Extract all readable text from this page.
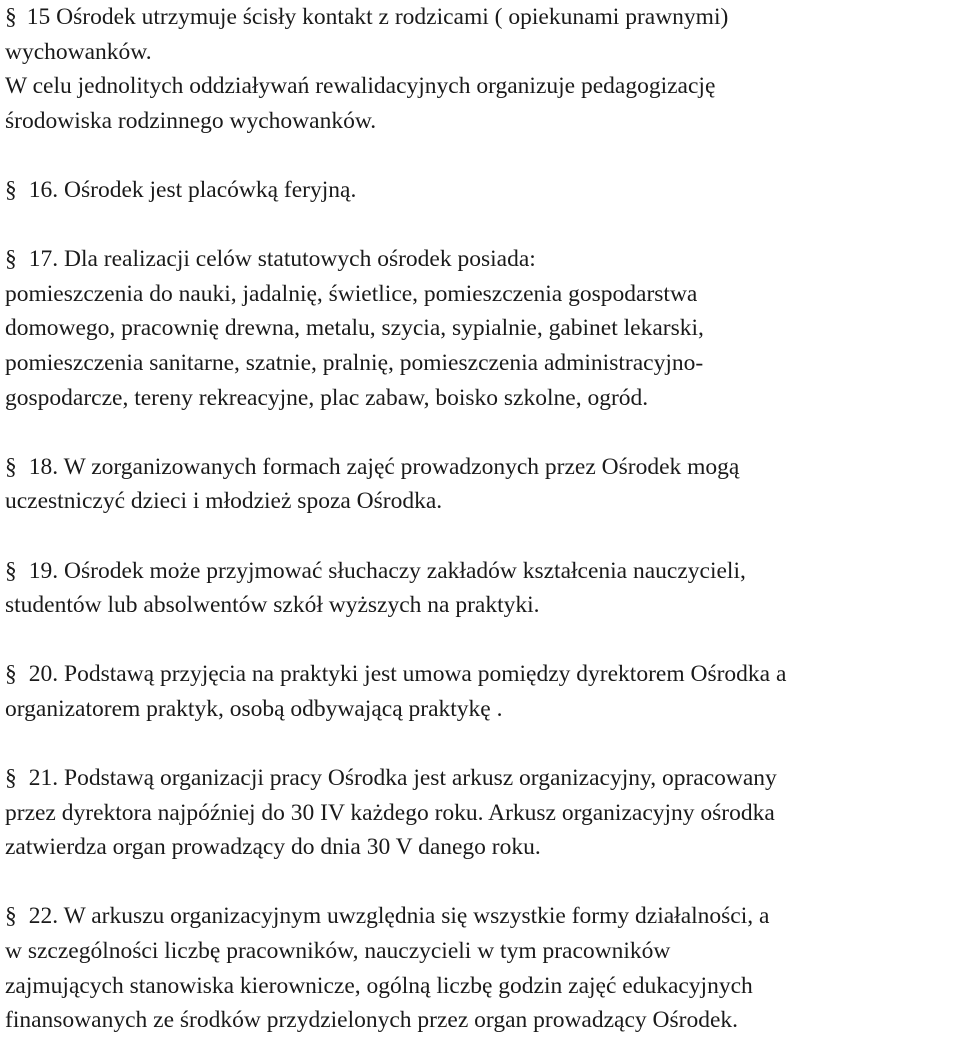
§ 15 Ośrodek utrzymuje ścisły kontakt z rodzicami ( opiekunami prawnymi)
wychowanków.
W celu jednolitych oddziaływań rewalidacyjnych organizuje pedagogizację
środowiska rodzinnego wychowanków.
§ 16. Ośrodek jest placówką feryjną.
§ 17. Dla realizacji celów statutowych ośrodek posiada:
pomieszczenia do nauki, jadalnię, świetlice, pomieszczenia gospodarstwa
domowego, pracownię drewna, metalu, szycia, sypialnie, gabinet lekarski,
pomieszczenia sanitarne, szatnie, pralnię, pomieszczenia administracyjno-
gospodarcze, tereny rekreacyjne, plac zabaw, boisko szkolne, ogród.
§ 18. W zorganizowanych formach zajęć prowadzonych przez Ośrodek mogą
uczestniczyć dzieci i młodzież spoza Ośrodka.
§ 19. Ośrodek może przyjmować słuchaczy zakładów kształcenia nauczycieli,
studentów lub absolwentów szkół wyższych na praktyki.
§ 20. Podstawą przyjęcia na praktyki jest umowa pomiędzy dyrektorem Ośrodka a
organizatorem praktyk, osobą odbywającą praktykę .
§ 21. Podstawą organizacji pracy Ośrodka jest arkusz organizacyjny, opracowany
przez dyrektora najpóźniej do 30 IV każdego roku. Arkusz organizacyjny ośrodka
zatwierdza organ prowadzący do dnia 30 V danego roku.
§ 22. W arkuszu organizacyjnym uwzględnia się wszystkie formy działalności, a
w szczególności liczbę pracowników, nauczycieli w tym pracowników
zajmujących stanowiska kierownicze, ogólną liczbę godzin zajęć edukacyjnych
finansowanych ze środków przydzielonych przez organ prowadzący Ośrodek.
